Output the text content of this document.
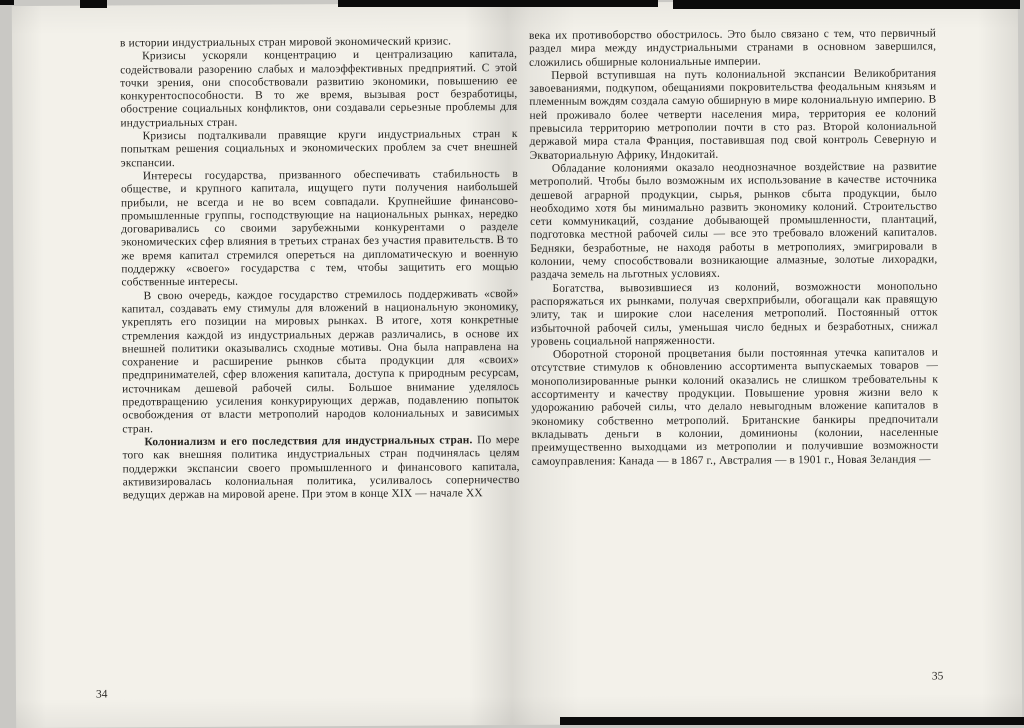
в истории индустриальных стран мировой экономический кризис.

Кризисы ускоряли концентрацию и централизацию капитала, содействовали разорению слабых и малоэффективных предприятий. С этой точки зрения, они способствовали развитию экономики, повышению ее конкурентоспособности. В то же время, вызывая рост безработицы, обострение социальных конфликтов, они создавали серьезные проблемы для индустриальных стран.

Кризисы подталкивали правящие круги индустриальных стран к попыткам решения социальных и экономических проблем за счет внешней экспансии.

Интересы государства, призванного обеспечивать стабильность в обществе, и крупного капитала, ищущего пути получения наибольшей прибыли, не всегда и не во всем совпадали. Крупнейшие финансово-промышленные группы, господствующие на национальных рынках, нередко договаривались со своими зарубежными конкурентами о разделе экономических сфер влияния в третьих странах без участия правительств. В то же время капитал стремился опереться на дипломатическую и военную поддержку «своего» государства с тем, чтобы защитить его мощью собственные интересы.

В свою очередь, каждое государство стремилось поддерживать «свой» капитал, создавать ему стимулы для вложений в национальную экономику, укреплять его позиции на мировых рынках. В итоге, хотя конкретные стремления каждой из индустриальных держав различались, в основе их внешней политики оказывались сходные мотивы. Она была направлена на сохранение и расширение рынков сбыта продукции для «своих» предпринимателей, сфер вложения капитала, доступа к природным ресурсам, источникам дешевой рабочей силы. Большое внимание уделялось предотвращению усиления конкурирующих держав, подавлению попыток освобождения от власти метрополий народов колониальных и зависимых стран.

Колониализм и его последствия для индустриальных стран. По мере того как внешняя политика индустриальных стран подчинялась целям поддержки экспансии своего промышленного и финансового капитала, активизировалась колониальная политика, усиливалось соперничество ведущих держав на мировой арене. При этом в конце XIX — начале XX

века их противоборство обострилось. Это было связано с тем, что первичный раздел мира между индустриальными странами в основном завершился, сложились обширные колониальные империи.

Первой вступившая на путь колониальной экспансии Великобритания завоеваниями, подкупом, обещаниями покровительства феодальным князьям и племенным вождям создала самую обширную в мире колониальную империю. В ней проживало более четверти населения мира, территория ее колоний превысила территорию метрополии почти в сто раз. Второй колониальной державой мира стала Франция, поставившая под свой контроль Северную и Экваториальную Африку, Индокитай.

Обладание колониями оказало неоднозначное воздействие на развитие метрополий. Чтобы было возможным их использование в качестве источника дешевой аграрной продукции, сырья, рынков сбыта продукции, было необходимо хотя бы минимально развить экономику колоний. Строительство сети коммуникаций, создание добывающей промышленности, плантаций, подготовка местной рабочей силы — все это требовало вложений капиталов. Бедняки, безработные, не находя работы в метрополиях, эмигрировали в колонии, чему способствовали возникающие алмазные, золотые лихорадки, раздача земель на льготных условиях.

Богатства, вывозившиеся из колоний, возможности монопольно распоряжаться их рынками, получая сверхприбыли, обогащали как правящую элиту, так и широкие слои населения метрополий. Постоянный отток избыточной рабочей силы, уменьшая число бедных и безработных, снижал уровень социальной напряженности.

Оборотной стороной процветания были постоянная утечка капиталов и отсутствие стимулов к обновлению ассортимента выпускаемых товаров — монополизированные рынки колоний оказались не слишком требовательны к ассортименту и качеству продукции. Повышение уровня жизни вело к удорожанию рабочей силы, что делало невыгодным вложение капиталов в экономику собственно метрополий. Британские банкиры предпочитали вкладывать деньги в колонии, доминионы (колонии, населенные преимущественно выходцами из метрополии и получившие возможности самоуправления: Канада — в 1867 г., Австралия — в 1901 г., Новая Зеландия —

34
35
